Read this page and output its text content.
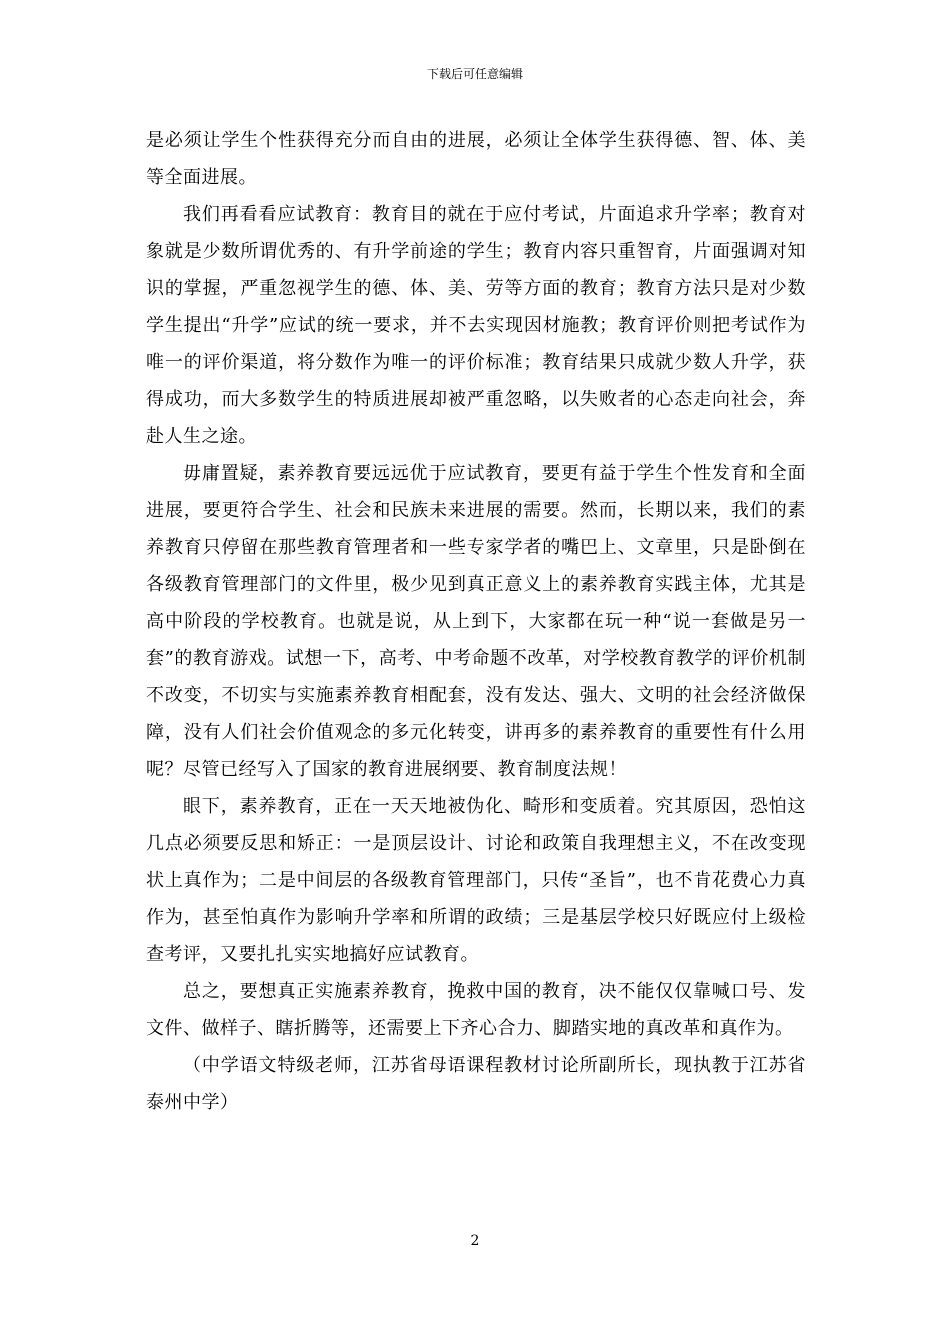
下载后可任意编辑

是必须让学生个性获得充分而自由的进展，必须让全体学生获得德、智、体、美等全面进展。

我们再看看应试教育：教育目的就在于应付考试，片面追求升学率；教育对象就是少数所谓优秀的、有升学前途的学生；教育内容只重智育，片面强调对知识的掌握，严重忽视学生的德、体、美、劳等方面的教育；教育方法只是对少数学生提出“升学”应试的统一要求，并不去实现因材施教；教育评价则把考试作为唯一的评价渠道，将分数作为唯一的评价标准；教育结果只成就少数人升学，获得成功，而大多数学生的特质进展却被严重忽略，以失败者的心态走向社会，奔赴人生之途。

毋庸置疑，素养教育要远远优于应试教育，要更有益于学生个性发育和全面进展，要更符合学生、社会和民族未来进展的需要。然而，长期以来，我们的素养教育只停留在那些教育管理者和一些专家学者的嘴巴上、文章里，只是卧倒在各级教育管理部门的文件里，极少见到真正意义上的素养教育实践主体，尤其是高中阶段的学校教育。也就是说，从上到下，大家都在玩一种“说一套做是另一套”的教育游戏。试想一下，高考、中考命题不改革，对学校教育教学的评价机制不改变，不切实与实施素养教育相配套，没有发达、强大、文明的社会经济做保障，没有人们社会价值观念的多元化转变，讲再多的素养教育的重要性有什么用呢？尽管已经写入了国家的教育进展纲要、教育制度法规！

眼下，素养教育，正在一天天地被伪化、畸形和变质着。究其原因，恐怕这几点必须要反思和矫正：一是顶层设计、讨论和政策自我理想主义，不在改变现状上真作为；二是中间层的各级教育管理部门，只传“圣旨”，也不肯花费心力真作为，甚至怕真作为影响升学率和所谓的政绩；三是基层学校只好既应付上级检查考评，又要扎扎实实地搞好应试教育。

总之，要想真正实施素养教育，挽救中国的教育，决不能仅仅靠喊口号、发文件、做样子、瞎折腾等，还需要上下齐心合力、脚踏实地的真改革和真作为。

（中学语文特级老师，江苏省母语课程教材讨论所副所长，现执教于江苏省泰州中学）

2
